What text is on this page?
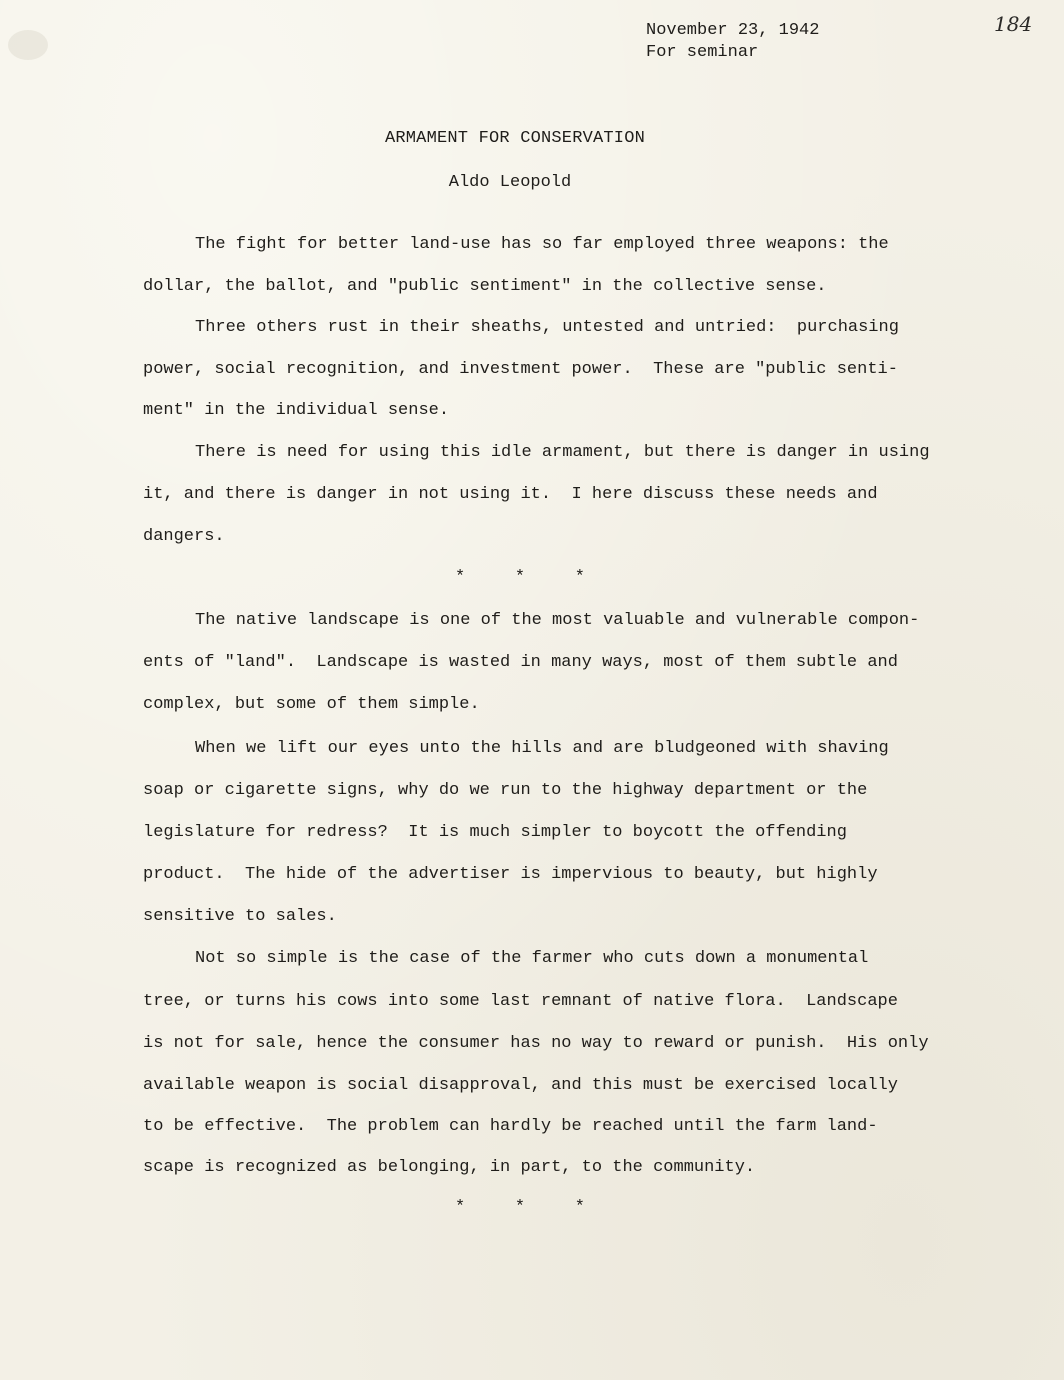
November 23, 1942
For seminar
184
ARMAMENT FOR CONSERVATION
Aldo Leopold
The fight for better land-use has so far employed three weapons: the
dollar, the ballot, and "public sentiment" in the collective sense.
Three others rust in their sheaths, untested and untried:  purchasing
power, social recognition, and investment power.  These are "public senti-
ment" in the individual sense.
There is need for using this idle armament, but there is danger in using
it, and there is danger in not using it.  I here discuss these needs and
dangers.
*	*	*
The native landscape is one of the most valuable and vulnerable compon-
ents of "land".  Landscape is wasted in many ways, most of them subtle and
complex, but some of them simple.
When we lift our eyes unto the hills and are bludgeoned with shaving
soap or cigarette signs, why do we run to the highway department or the
legislature for redress?  It is much simpler to boycott the offending
product.  The hide of the advertiser is impervious to beauty, but highly
sensitive to sales.
Not so simple is the case of the farmer who cuts down a monumental
tree, or turns his cows into some last remnant of native flora.  Landscape
is not for sale, hence the consumer has no way to reward or punish.  His only
available weapon is social disapproval, and this must be exercised locally
to be effective.  The problem can hardly be reached until the farm land-
scape is recognized as belonging, in part, to the community.
*	*	*
